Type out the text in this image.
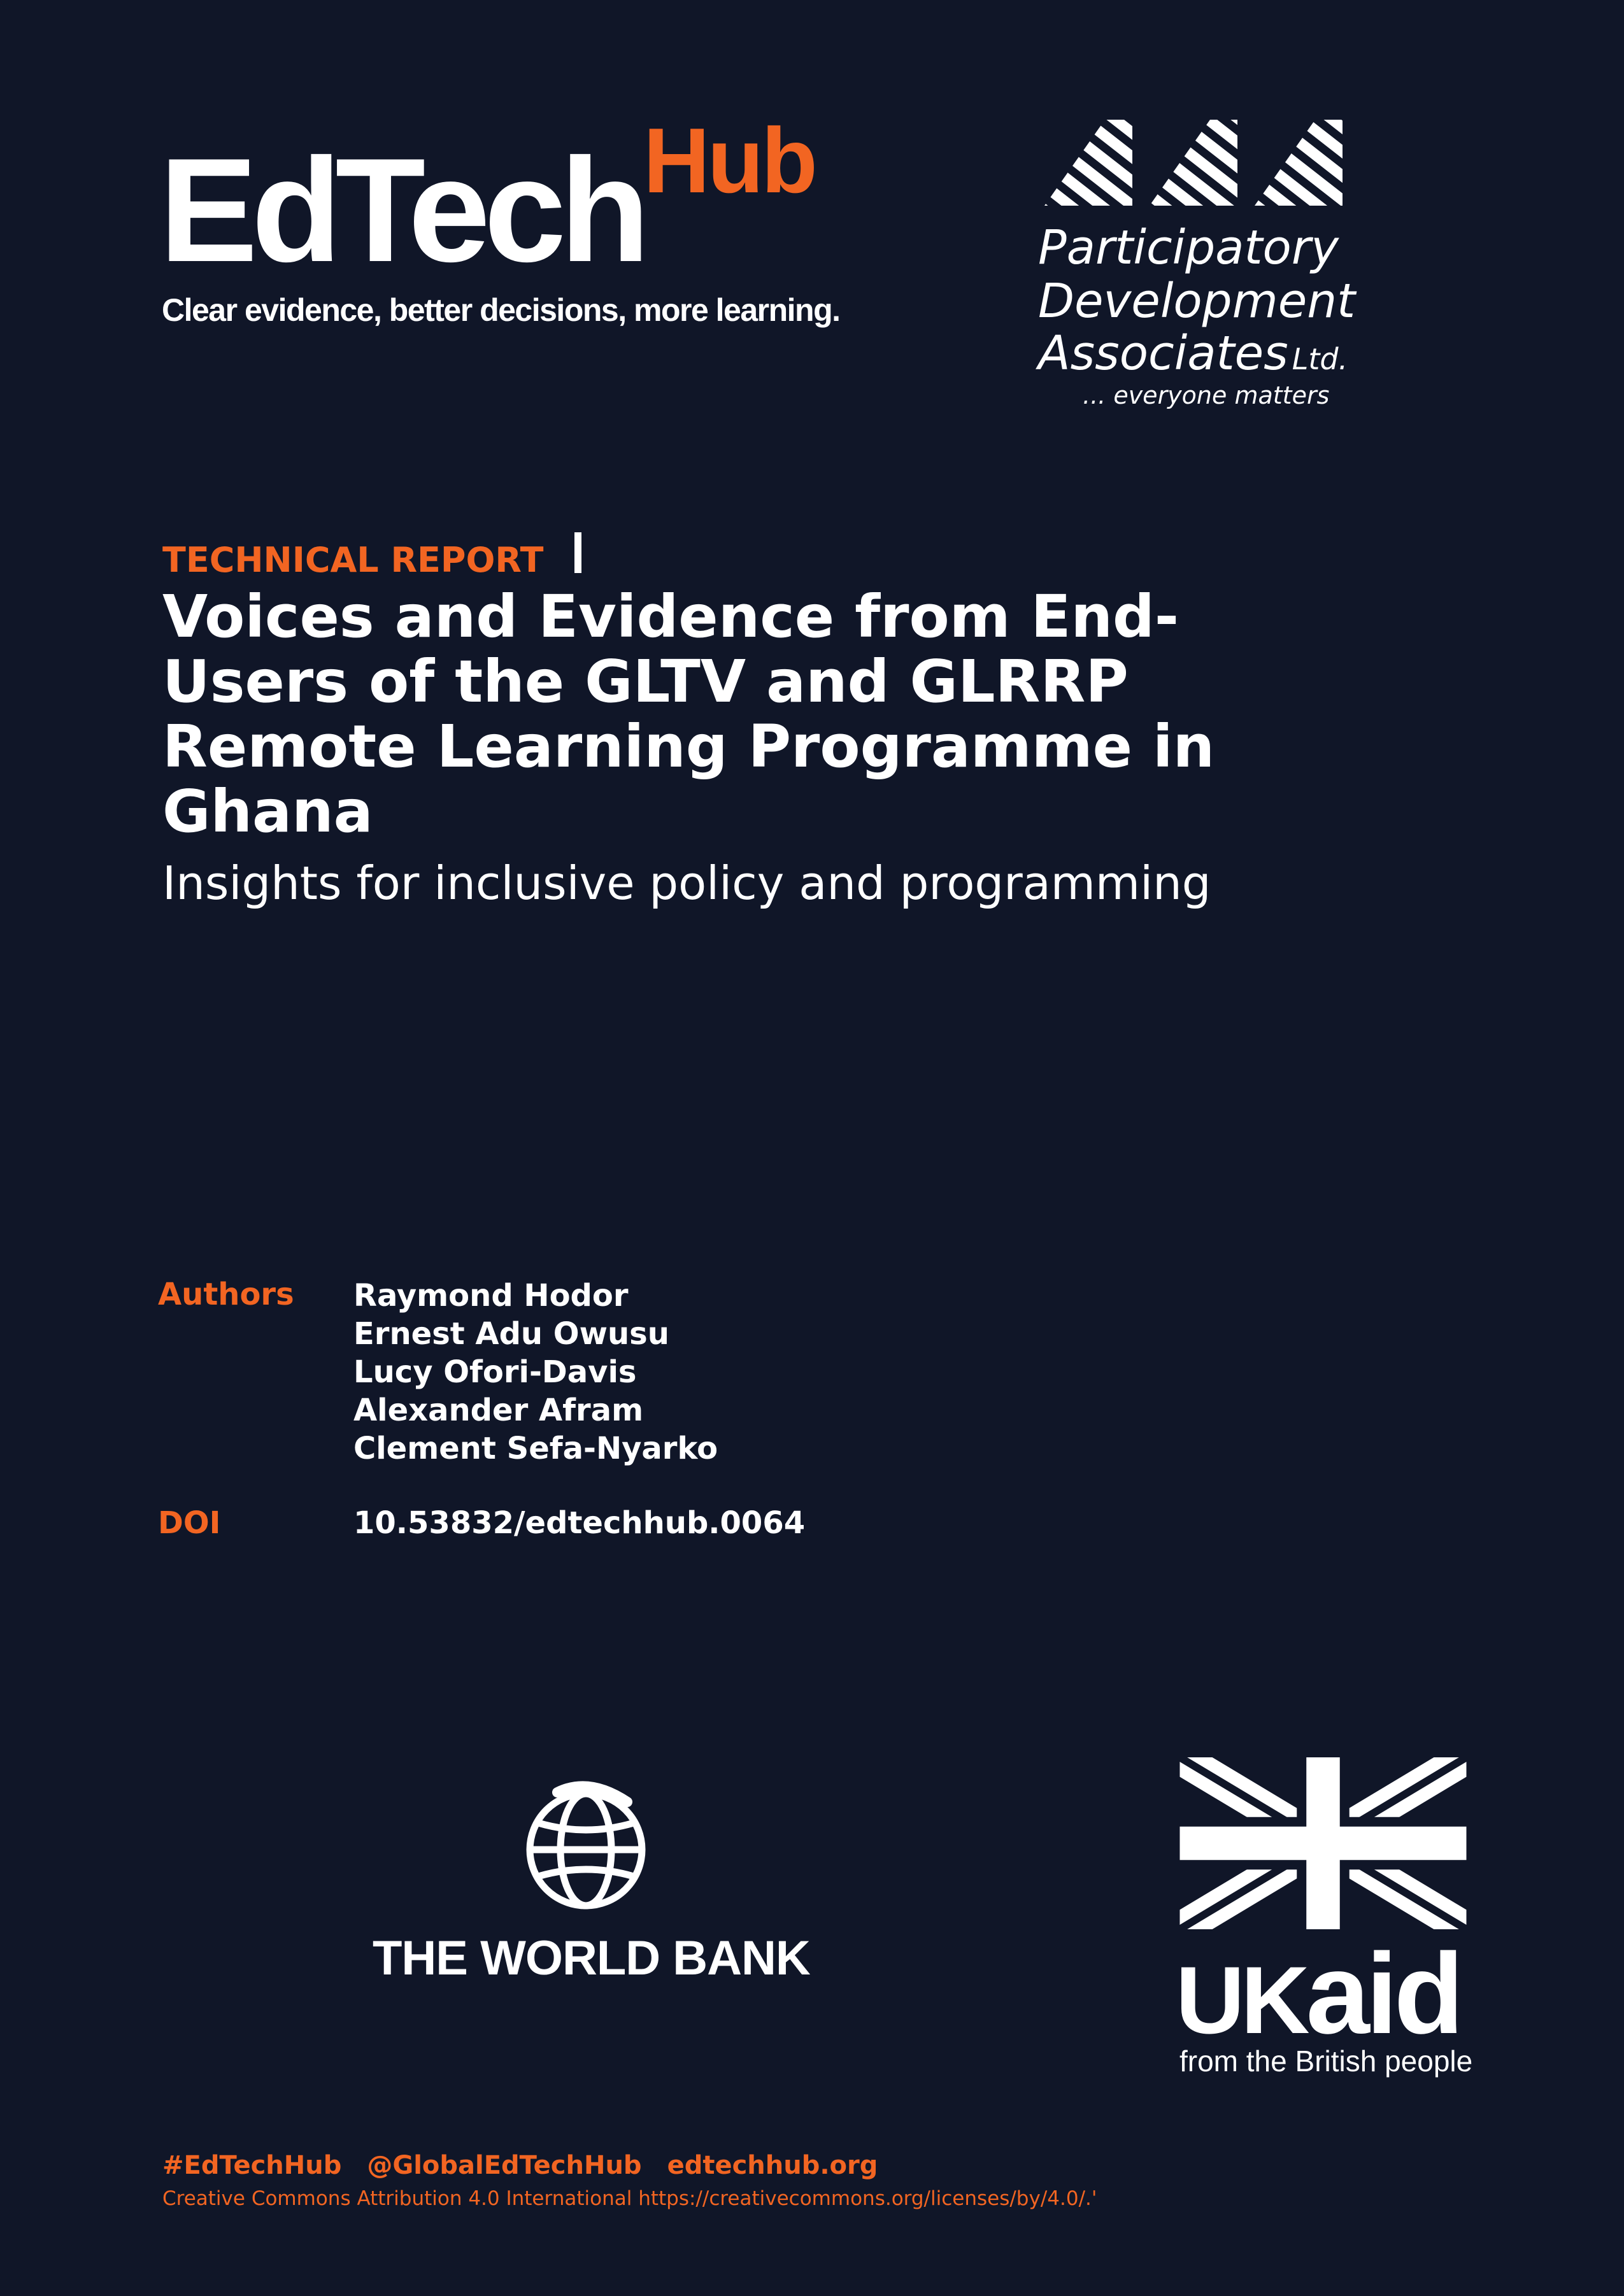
EdTech Hub
Clear evidence, better decisions, more learning.
Participatory
Development
Associates Ltd.
... everyone matters
TECHNICAL REPORT
Voices and Evidence from End-
Users of the GLTV and GLRRP
Remote Learning Programme in
Ghana
Insights for inclusive policy and programming
Authors Raymond Hodor
Ernest Adu Owusu
Lucy Ofori-Davis
Alexander Afram
Clement Sefa-Nyarko
DOI	10.53832/edtechhub.0064
THE WORLD BANK	UKaid
from the British people
#EdTechHub @GlobalEdTechHub edtechhub.org
Creative Commons Attribution 4.0 International https://creativecommons.org/licenses/by/4.0/.'
